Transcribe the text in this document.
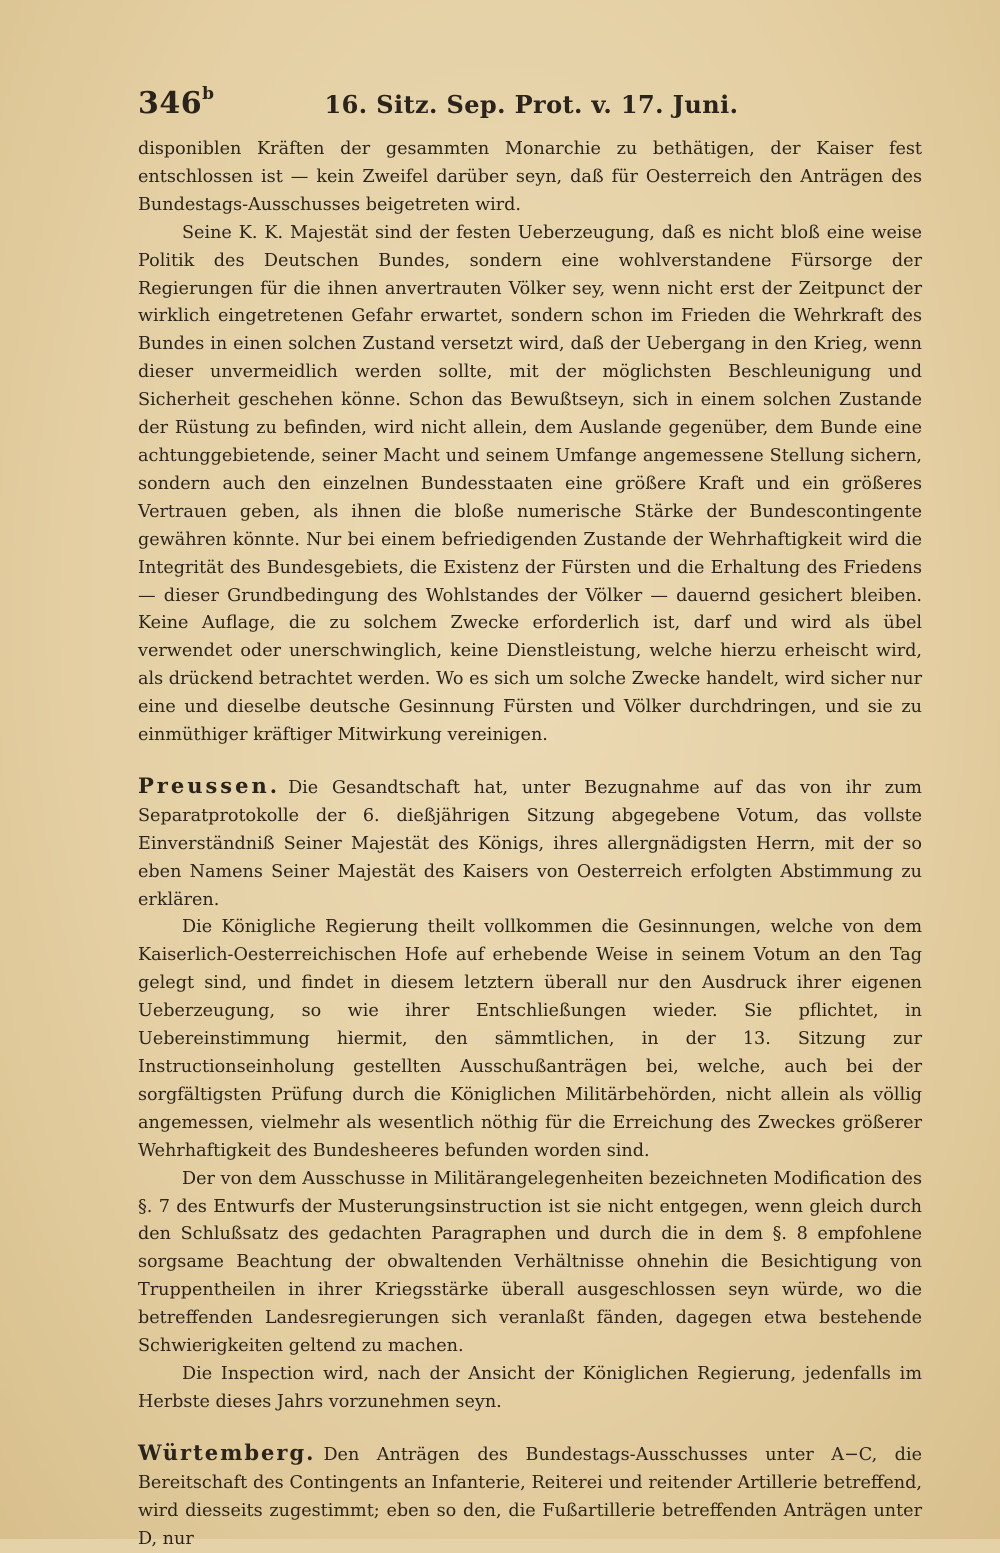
346$^b$	16. Sitz. Sep. Prot. v. 17. Juni.

disponiblen Kräften der gesammten Monarchie zu bethätigen, der Kaiser fest entschlossen ist — kein Zweifel darüber seyn, daß für Oesterreich den Anträgen des Bundestags-Ausschusses beigetreten wird.

Seine K. K. Majestät sind der festen Ueberzeugung, daß es nicht bloß eine weise Politik des Deutschen Bundes, sondern eine wohlverstandene Fürsorge der Regierungen für die ihnen anvertrauten Völker sey, wenn nicht erst der Zeitpunct der wirklich eingetretenen Gefahr erwartet, sondern schon im Frieden die Wehrkraft des Bundes in einen solchen Zustand versetzt wird, daß der Uebergang in den Krieg, wenn dieser unvermeidlich werden sollte, mit der möglichsten Beschleunigung und Sicherheit geschehen könne. Schon das Bewußtseyn, sich in einem solchen Zustande der Rüstung zu befinden, wird nicht allein, dem Auslande gegenüber, dem Bunde eine achtunggebietende, seiner Macht und seinem Umfange angemessene Stellung sichern, sondern auch den einzelnen Bundesstaaten eine größere Kraft und ein größeres Vertrauen geben, als ihnen die bloße numerische Stärke der Bundescontingente gewähren könnte. Nur bei einem befriedigenden Zustande der Wehrhaftigkeit wird die Integrität des Bundesgebiets, die Existenz der Fürsten und die Erhaltung des Friedens — dieser Grundbedingung des Wohlstandes der Völker — dauernd gesichert bleiben. Keine Auflage, die zu solchem Zwecke erforderlich ist, darf und wird als übel verwendet oder unerschwinglich, keine Dienstleistung, welche hierzu erheischt wird, als drückend betrachtet werden. Wo es sich um solche Zwecke handelt, wird sicher nur eine und dieselbe deutsche Gesinnung Fürsten und Völker durchdringen, und sie zu einmüthiger kräftiger Mitwirkung vereinigen.

Preussen. Die Gesandtschaft hat, unter Bezugnahme auf das von ihr zum Separatprotokolle der 6. dießjährigen Sitzung abgegebene Votum, das vollste Einverständniß Seiner Majestät des Königs, ihres allergnädigsten Herrn, mit der so eben Namens Seiner Majestät des Kaisers von Oesterreich erfolgten Abstimmung zu erklären.

Die Königliche Regierung theilt vollkommen die Gesinnungen, welche von dem Kaiserlich-Oesterreichischen Hofe auf erhebende Weise in seinem Votum an den Tag gelegt sind, und findet in diesem letztern überall nur den Ausdruck ihrer eigenen Ueberzeugung, so wie ihrer Entschließungen wieder. Sie pflichtet, in Uebereinstimmung hiermit, den sämmtlichen, in der 13. Sitzung zur Instructionseinholung gestellten Ausschußanträgen bei, welche, auch bei der sorgfältigsten Prüfung durch die Königlichen Militärbehörden, nicht allein als völlig angemessen, vielmehr als wesentlich nöthig für die Erreichung des Zweckes größerer Wehrhaftigkeit des Bundesheeres befunden worden sind.

Der von dem Ausschusse in Militärangelegenheiten bezeichneten Modification des §. 7 des Entwurfs der Musterungsinstruction ist sie nicht entgegen, wenn gleich durch den Schlußsatz des gedachten Paragraphen und durch die in dem §. 8 empfohlene sorgsame Beachtung der obwaltenden Verhältnisse ohnehin die Besichtigung von Truppentheilen in ihrer Kriegsstärke überall ausgeschlossen seyn würde, wo die betreffenden Landesregierungen sich veranlaßt fänden, dagegen etwa bestehende Schwierigkeiten geltend zu machen.

Die Inspection wird, nach der Ansicht der Königlichen Regierung, jedenfalls im Herbste dieses Jahrs vorzunehmen seyn.

Würtemberg. Den Anträgen des Bundestags-Ausschusses unter A−C, die Bereitschaft des Contingents an Infanterie, Reiterei und reitender Artillerie betreffend, wird diesseits zugestimmt; eben so den, die Fußartillerie betreffenden Anträgen unter D, nur
